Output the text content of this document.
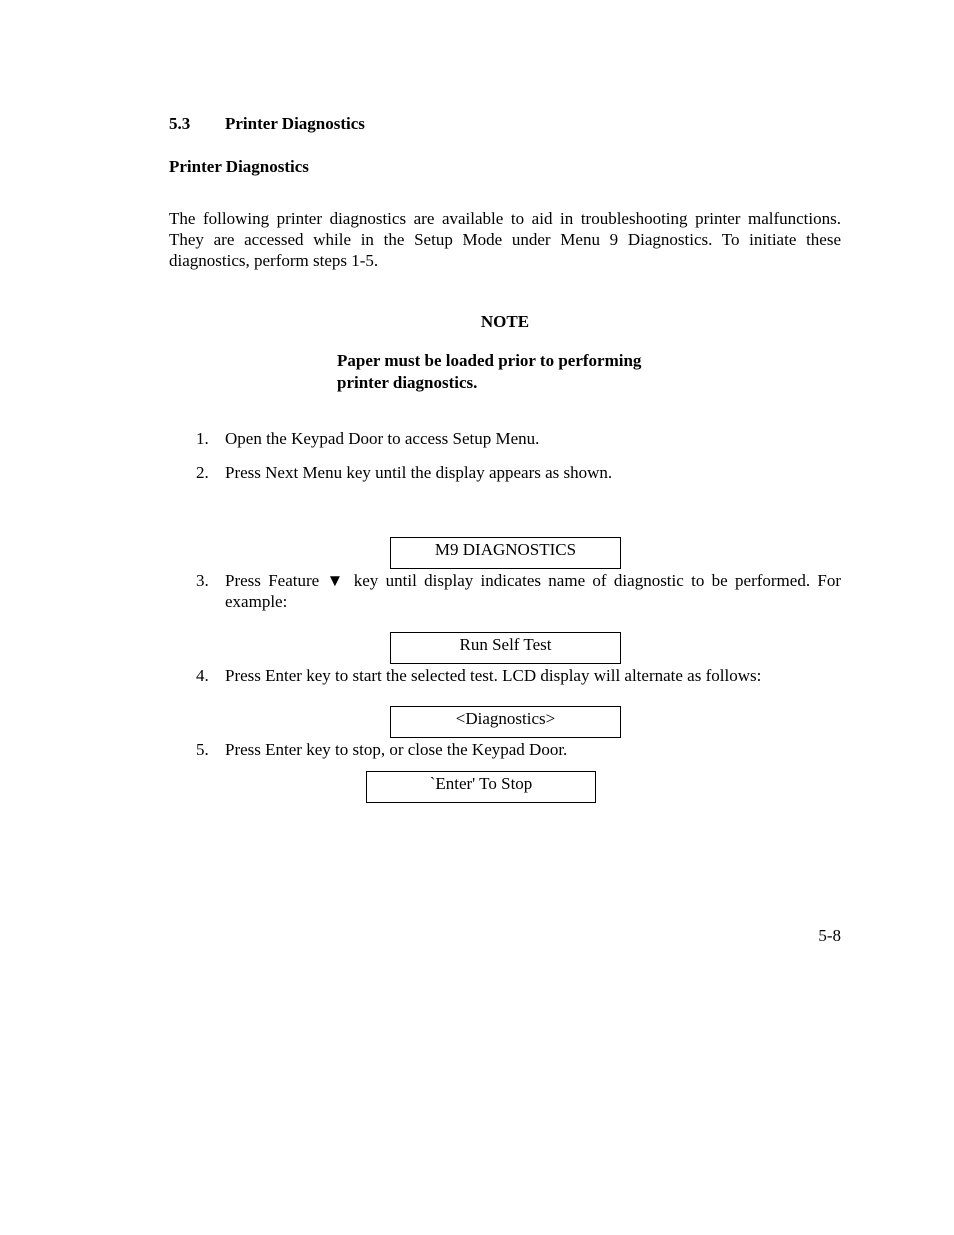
5.3 Printer Diagnostics
Printer Diagnostics
The following printer diagnostics are available to aid in troubleshooting printer malfunctions. They are accessed while in the Setup Mode under Menu 9 Diagnostics. To initiate these diagnostics, perform steps 1-5.
NOTE
Paper must be loaded prior to performing
printer diagnostics.
1. Open the Keypad Door to access Setup Menu.
2. Press Next Menu key until the display appears as shown.
M9 DIAGNOSTICS
3. Press Feature ▼ key until display indicates name of diagnostic to be performed. For example:
Run Self Test
4. Press Enter key to start the selected test. LCD display will alternate as follows:
<Diagnostics>
5. Press Enter key to stop, or close the Keypad Door.
`Enter' To Stop
5-8
